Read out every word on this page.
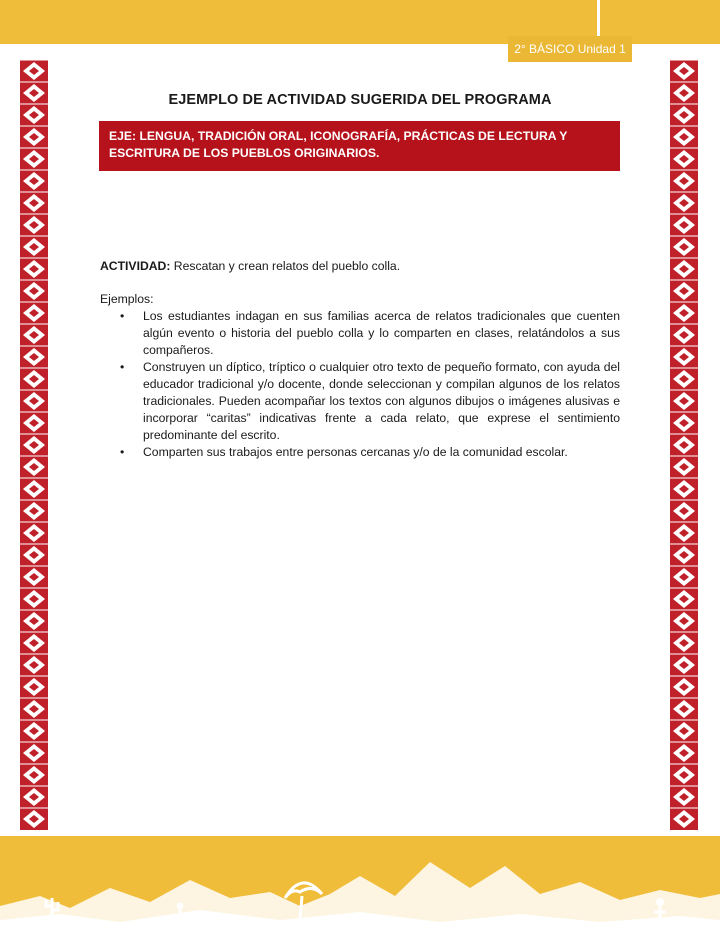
2° BÁSICO Unidad 1
EJEMPLO DE ACTIVIDAD SUGERIDA DEL PROGRAMA
EJE: LENGUA, TRADICIÓN ORAL, ICONOGRAFÍA, PRÁCTICAS DE LECTURA Y ESCRITURA DE LOS PUEBLOS ORIGINARIOS.
ACTIVIDAD: Rescatan y crean relatos del pueblo colla.
Ejemplos:
• Los estudiantes indagan en sus familias acerca de relatos tradicionales que cuenten algún evento o historia del pueblo colla y lo comparten en clases, relatándolos a sus compañeros.
• Construyen un díptico, tríptico o cualquier otro texto de pequeño formato, con ayuda del educador tradicional y/o docente, donde seleccionan y compilan algunos de los relatos tradicionales. Pueden acompañar los textos con algunos dibujos o imágenes alusivas e incorporar “caritas” indicativas frente a cada relato, que exprese el sentimiento predominante del escrito.
• Comparten sus trabajos entre personas cercanas y/o de la comunidad escolar.
